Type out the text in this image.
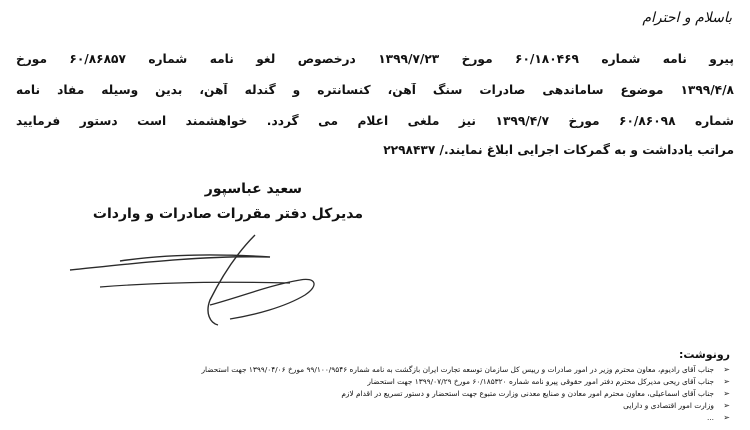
باسلام و احترام
پیرو نامه شماره ۶۰/۱۸۰۴۶۹ مورخ ۱۳۹۹/۷/۲۳ درخصوص لغو نامه شماره ۶۰/۸۶۸۵۷ مورخ
۱۳۹۹/۴/۸ موضوع ساماندهی صادرات سنگ آهن، کنسانتره و گندله آهن، بدین وسیله مفاد نامه
شماره ۶۰/۸۶۰۹۸ مورخ ۱۳۹۹/۴/۷ نیز ملغی اعلام می گردد. خواهشمند است دستور فرمایید
مراتب یادداشت و به گمرکات اجرایی ابلاغ نمایند./ ۲۲۹۸۴۳۷
سعید عباسپور
مدیرکل دفتر مقررات صادرات و واردات
رونوشت:
➢
جناب آقای رادیوم، معاون محترم وزیر در امور صادرات و رییس کل سازمان توسعه تجارت ایران بازگشت به نامه شماره ۹۹/۱۰۰/۹۵۴۶ مورخ ۱۳۹۹/۰۴/۰۶ جهت استحضار
➢
جناب آقای ریحی مدیرکل محترم دفتر امور حقوقی پیرو نامه شماره ۶۰/۱۸۵۳۲۰ مورخ ۱۳۹۹/۰۷/۲۹ جهت استحضار
➢
جناب آقای اسماعیلی، معاون محترم امور معادن و صنایع معدنی وزارت متبوع جهت استحضار و دستور تسریع در اقدام لازم
➢
وزارت امور اقتصادی و دارایی
➢
...
